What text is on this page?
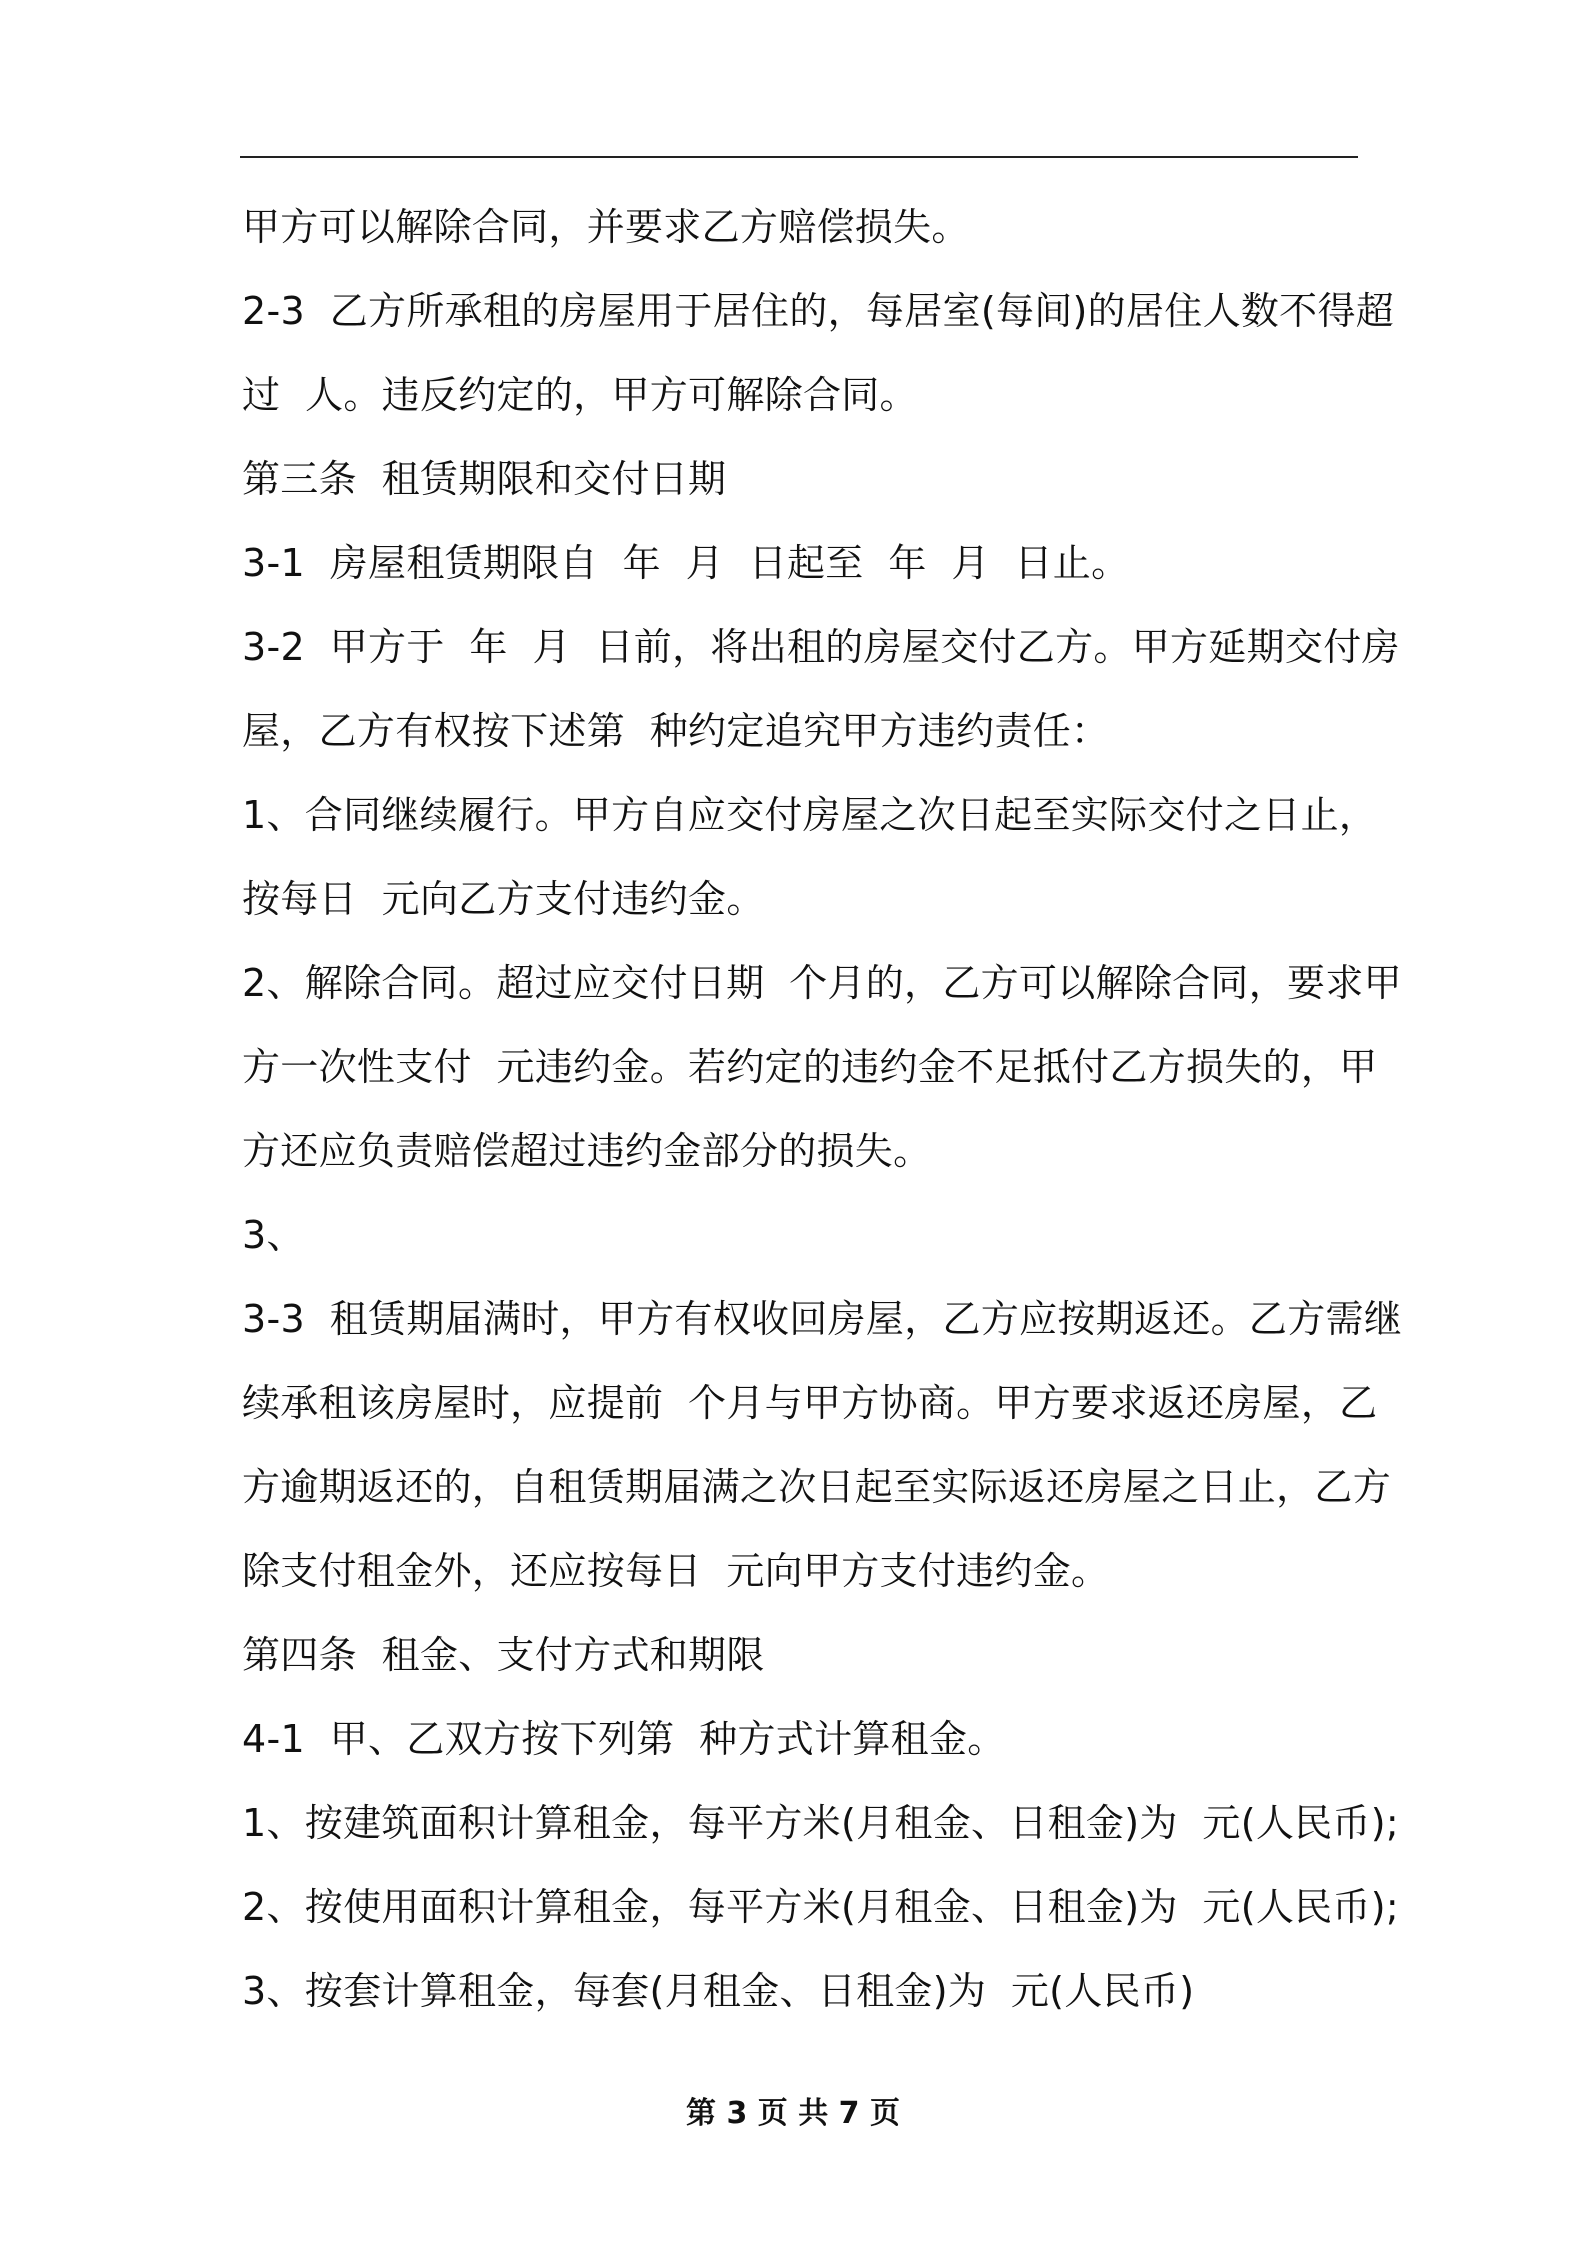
甲方可以解除合同，并要求乙方赔偿损失。
2-3  乙方所承租的房屋用于居住的，每居室(每间)的居住人数不得超
过  人。违反约定的，甲方可解除合同。
第三条  租赁期限和交付日期
3-1  房屋租赁期限自  年  月  日起至  年  月  日止。
3-2  甲方于  年  月  日前，将出租的房屋交付乙方。甲方延期交付房
屋，乙方有权按下述第  种约定追究甲方违约责任：
1、合同继续履行。甲方自应交付房屋之次日起至实际交付之日止，
按每日  元向乙方支付违约金。
2、解除合同。超过应交付日期  个月的，乙方可以解除合同，要求甲
方一次性支付  元违约金。若约定的违约金不足抵付乙方损失的，甲
方还应负责赔偿超过违约金部分的损失。
3、
3-3  租赁期届满时，甲方有权收回房屋，乙方应按期返还。乙方需继
续承租该房屋时，应提前  个月与甲方协商。甲方要求返还房屋，乙
方逾期返还的，自租赁期届满之次日起至实际返还房屋之日止，乙方
除支付租金外，还应按每日  元向甲方支付违约金。
第四条  租金、支付方式和期限
4-1  甲、乙双方按下列第  种方式计算租金。
1、按建筑面积计算租金，每平方米(月租金、日租金)为  元(人民币);
2、按使用面积计算租金，每平方米(月租金、日租金)为  元(人民币);
3、按套计算租金，每套(月租金、日租金)为  元(人民币)
第 3 页 共 7 页
